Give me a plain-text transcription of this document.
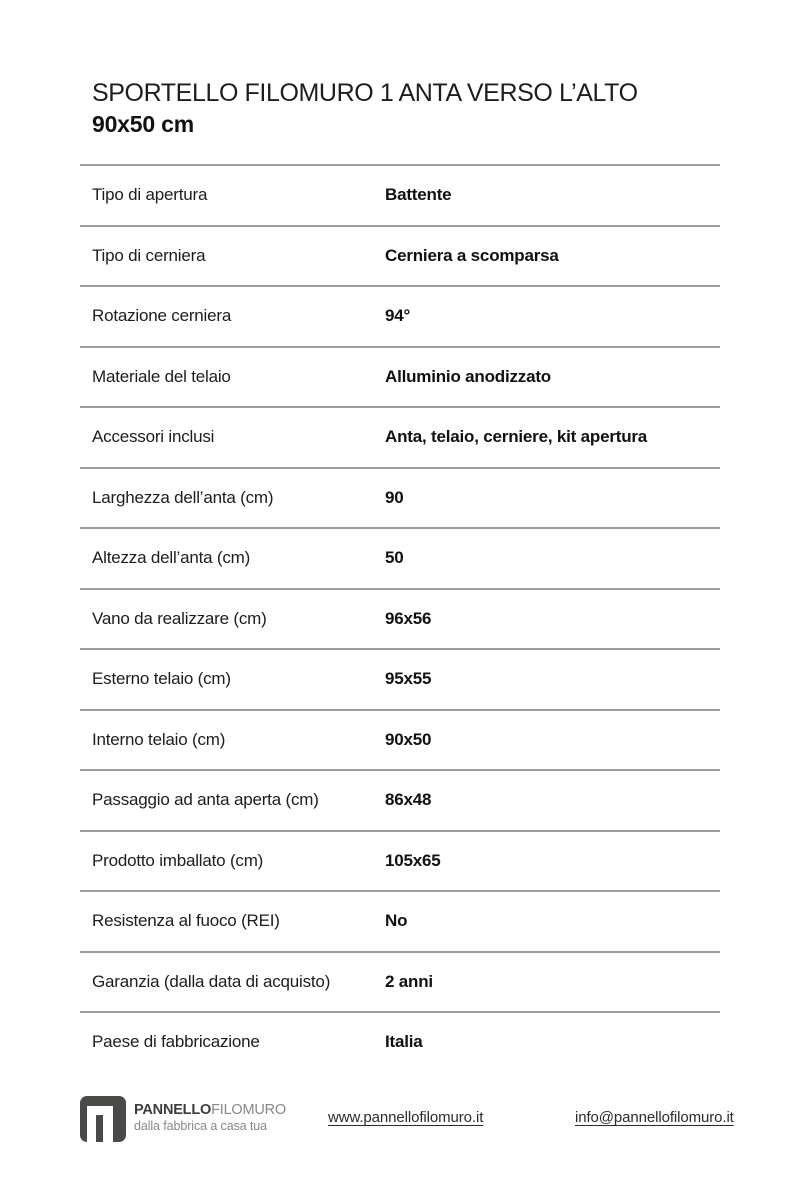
SPORTELLO FILOMURO 1 ANTA VERSO L’ALTO
90x50 cm
Tipo di apertura	Battente
Tipo di cerniera	Cerniera a scomparsa
Rotazione cerniera	94°
Materiale del telaio	Alluminio anodizzato
Accessori inclusi	Anta, telaio, cerniere, kit apertura
Larghezza dell’anta (cm)	90
Altezza dell’anta (cm)	50
Vano da realizzare (cm)	96x56
Esterno telaio (cm)	95x55
Interno telaio (cm)	90x50
Passaggio ad anta aperta (cm)	86x48
Prodotto imballato (cm)	105x65
Resistenza al fuoco (REI)	No
Garanzia (dalla data di acquisto)	2 anni
Paese di fabbricazione	Italia
PANNELLOFILOMURO
dalla fabbrica a casa tua	www.pannellofilomuro.it	info@pannellofilomuro.it
